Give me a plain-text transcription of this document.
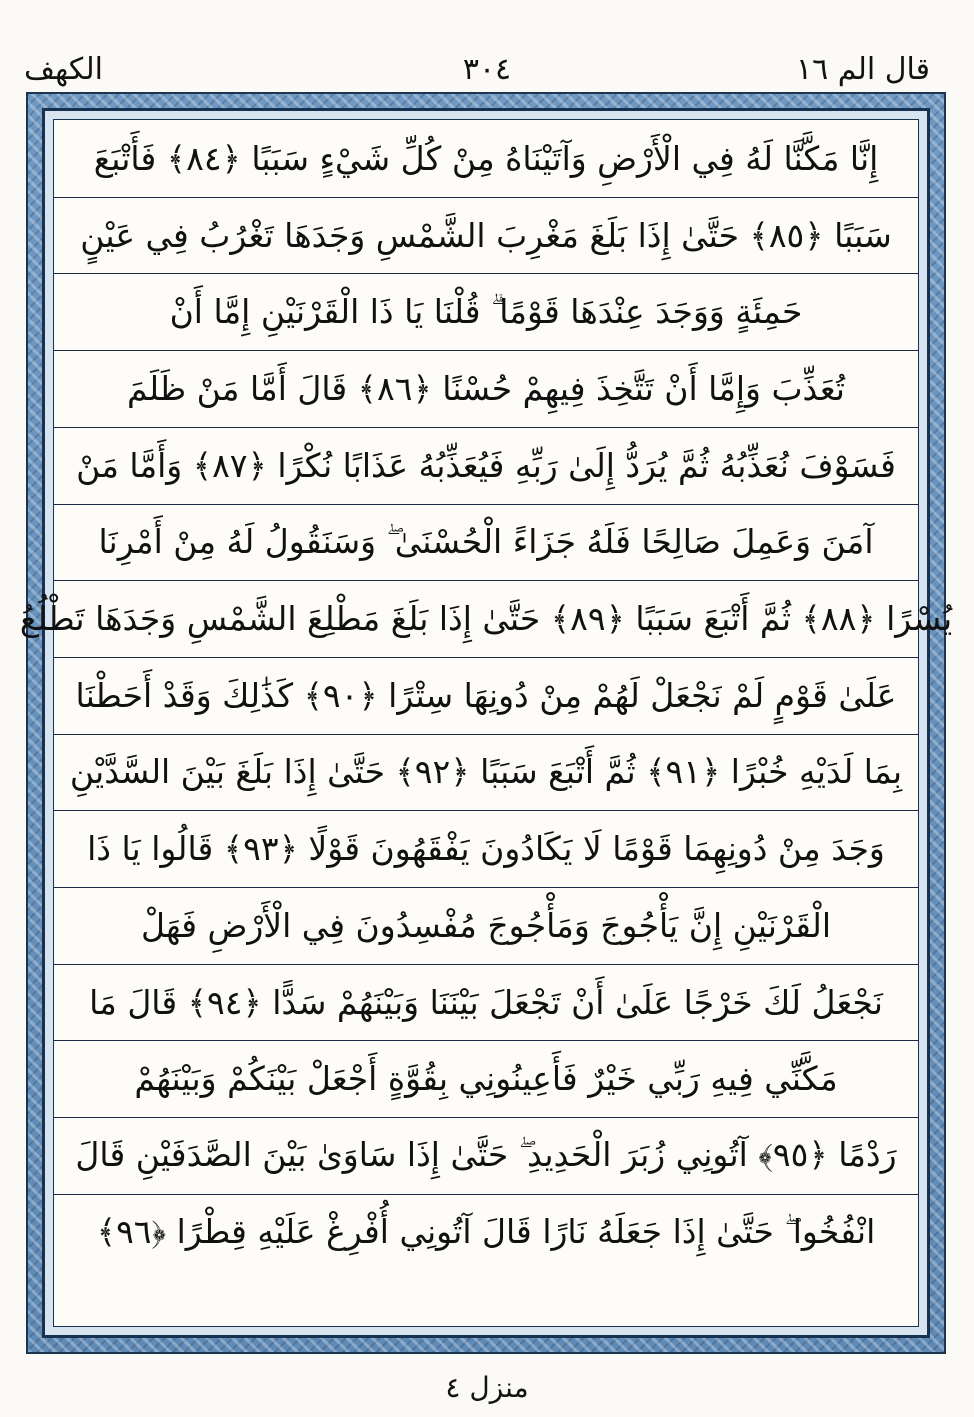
قال الم ١٦
٣٠٤
الكهف
إِنَّا مَكَّنَّا لَهُ فِي الْأَرْضِ وَآتَيْنَاهُ مِنْ كُلِّ شَيْءٍ سَبَبًا ﴿٨٤﴾ فَأَتْبَعَ
سَبَبًا ﴿٨٥﴾ حَتَّىٰ إِذَا بَلَغَ مَغْرِبَ الشَّمْسِ وَجَدَهَا تَغْرُبُ فِي عَيْنٍ
حَمِئَةٍ وَوَجَدَ عِنْدَهَا قَوْمًا ۗ قُلْنَا يَا ذَا الْقَرْنَيْنِ إِمَّا أَنْ
تُعَذِّبَ وَإِمَّا أَنْ تَتَّخِذَ فِيهِمْ حُسْنًا ﴿٨٦﴾ قَالَ أَمَّا مَنْ ظَلَمَ
فَسَوْفَ نُعَذِّبُهُ ثُمَّ يُرَدُّ إِلَىٰ رَبِّهِ فَيُعَذِّبُهُ عَذَابًا نُكْرًا ﴿٨٧﴾ وَأَمَّا مَنْ
آمَنَ وَعَمِلَ صَالِحًا فَلَهُ جَزَاءً الْحُسْنَىٰ ۖ وَسَنَقُولُ لَهُ مِنْ أَمْرِنَا
يُسْرًا ﴿٨٨﴾ ثُمَّ أَتْبَعَ سَبَبًا ﴿٨٩﴾ حَتَّىٰ إِذَا بَلَغَ مَطْلِعَ الشَّمْسِ وَجَدَهَا تَطْلُعُ
عَلَىٰ قَوْمٍ لَمْ نَجْعَلْ لَهُمْ مِنْ دُونِهَا سِتْرًا ﴿٩٠﴾ كَذَٰلِكَ وَقَدْ أَحَطْنَا
بِمَا لَدَيْهِ خُبْرًا ﴿٩١﴾ ثُمَّ أَتْبَعَ سَبَبًا ﴿٩٢﴾ حَتَّىٰ إِذَا بَلَغَ بَيْنَ السَّدَّيْنِ
وَجَدَ مِنْ دُونِهِمَا قَوْمًا لَا يَكَادُونَ يَفْقَهُونَ قَوْلًا ﴿٩٣﴾ قَالُوا يَا ذَا
الْقَرْنَيْنِ إِنَّ يَأْجُوجَ وَمَأْجُوجَ مُفْسِدُونَ فِي الْأَرْضِ فَهَلْ
نَجْعَلُ لَكَ خَرْجًا عَلَىٰ أَنْ تَجْعَلَ بَيْنَنَا وَبَيْنَهُمْ سَدًّا ﴿٩٤﴾ قَالَ مَا
مَكَّنِّي فِيهِ رَبِّي خَيْرٌ فَأَعِينُونِي بِقُوَّةٍ أَجْعَلْ بَيْنَكُمْ وَبَيْنَهُمْ
رَدْمًا ﴿٩٥﴾ آتُونِي زُبَرَ الْحَدِيدِ ۖ حَتَّىٰ إِذَا سَاوَىٰ بَيْنَ الصَّدَفَيْنِ قَالَ
انْفُخُوا ۖ حَتَّىٰ إِذَا جَعَلَهُ نَارًا قَالَ آتُونِي أُفْرِغْ عَلَيْهِ قِطْرًا ﴿٩٦﴾
منزل ٤
